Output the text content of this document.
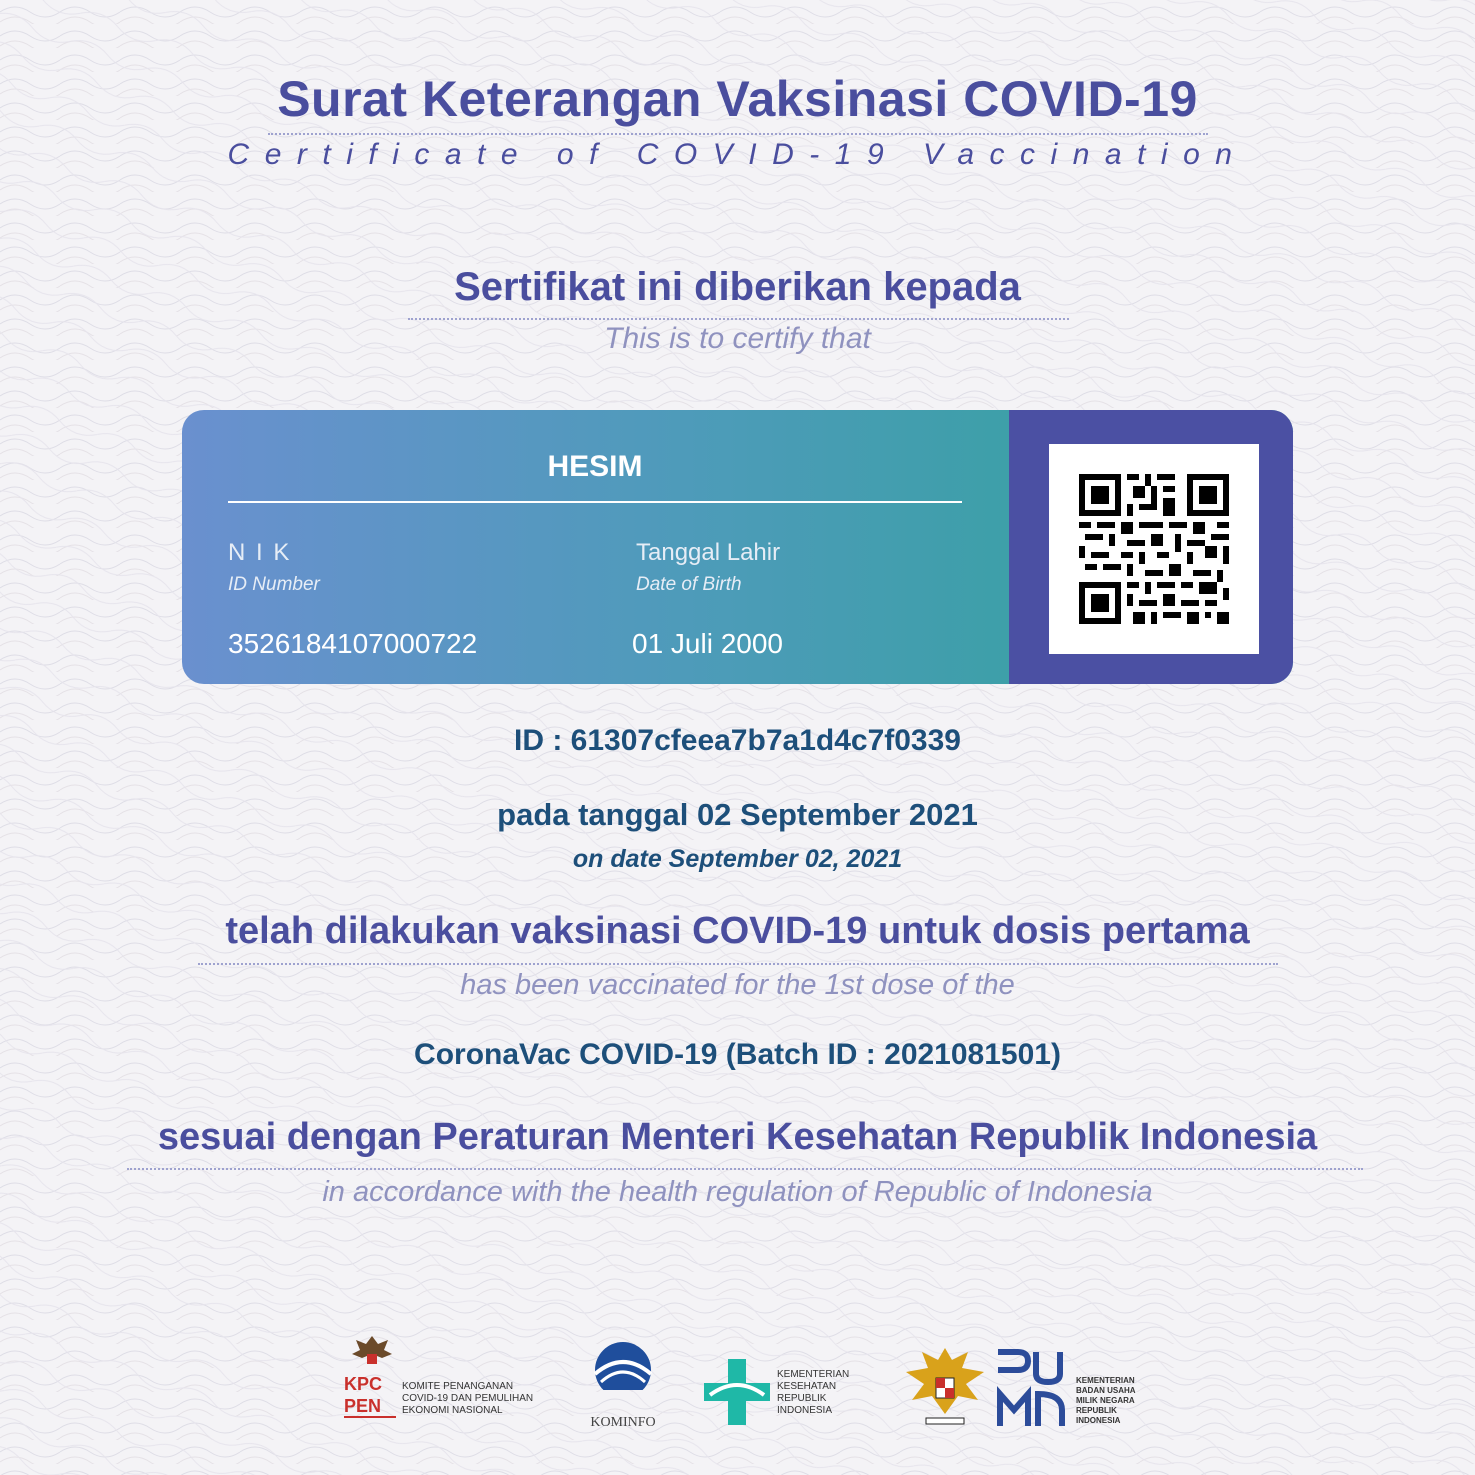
Surat Keterangan Vaksinasi COVID-19
Certificate of COVID-19 Vaccination
Sertifikat ini diberikan kepada
This is to certify that
HESIM
N I K
ID Number
3526184107000722
Tanggal Lahir
Date of Birth
01 Juli 2000
ID : 61307cfeea7b7a1d4c7f0339
pada tanggal 02 September 2021
on date September 02, 2021
telah dilakukan vaksinasi COVID-19 untuk dosis pertama
has been vaccinated for the 1st dose of the
CoronaVac COVID-19 (Batch ID : 2021081501)
sesuai dengan Peraturan Menteri Kesehatan Republik Indonesia
in accordance with the health regulation of Republic of Indonesia
KPC
PEN
KOMITE PENANGANAN COVID-19 DAN PEMULIHAN EKONOMI NASIONAL
KOMINFO
KEMENTERIAN KESEHATAN REPUBLIK INDONESIA
KEMENTERIAN BADAN USAHA MILIK NEGARA REPUBLIK INDONESIA
